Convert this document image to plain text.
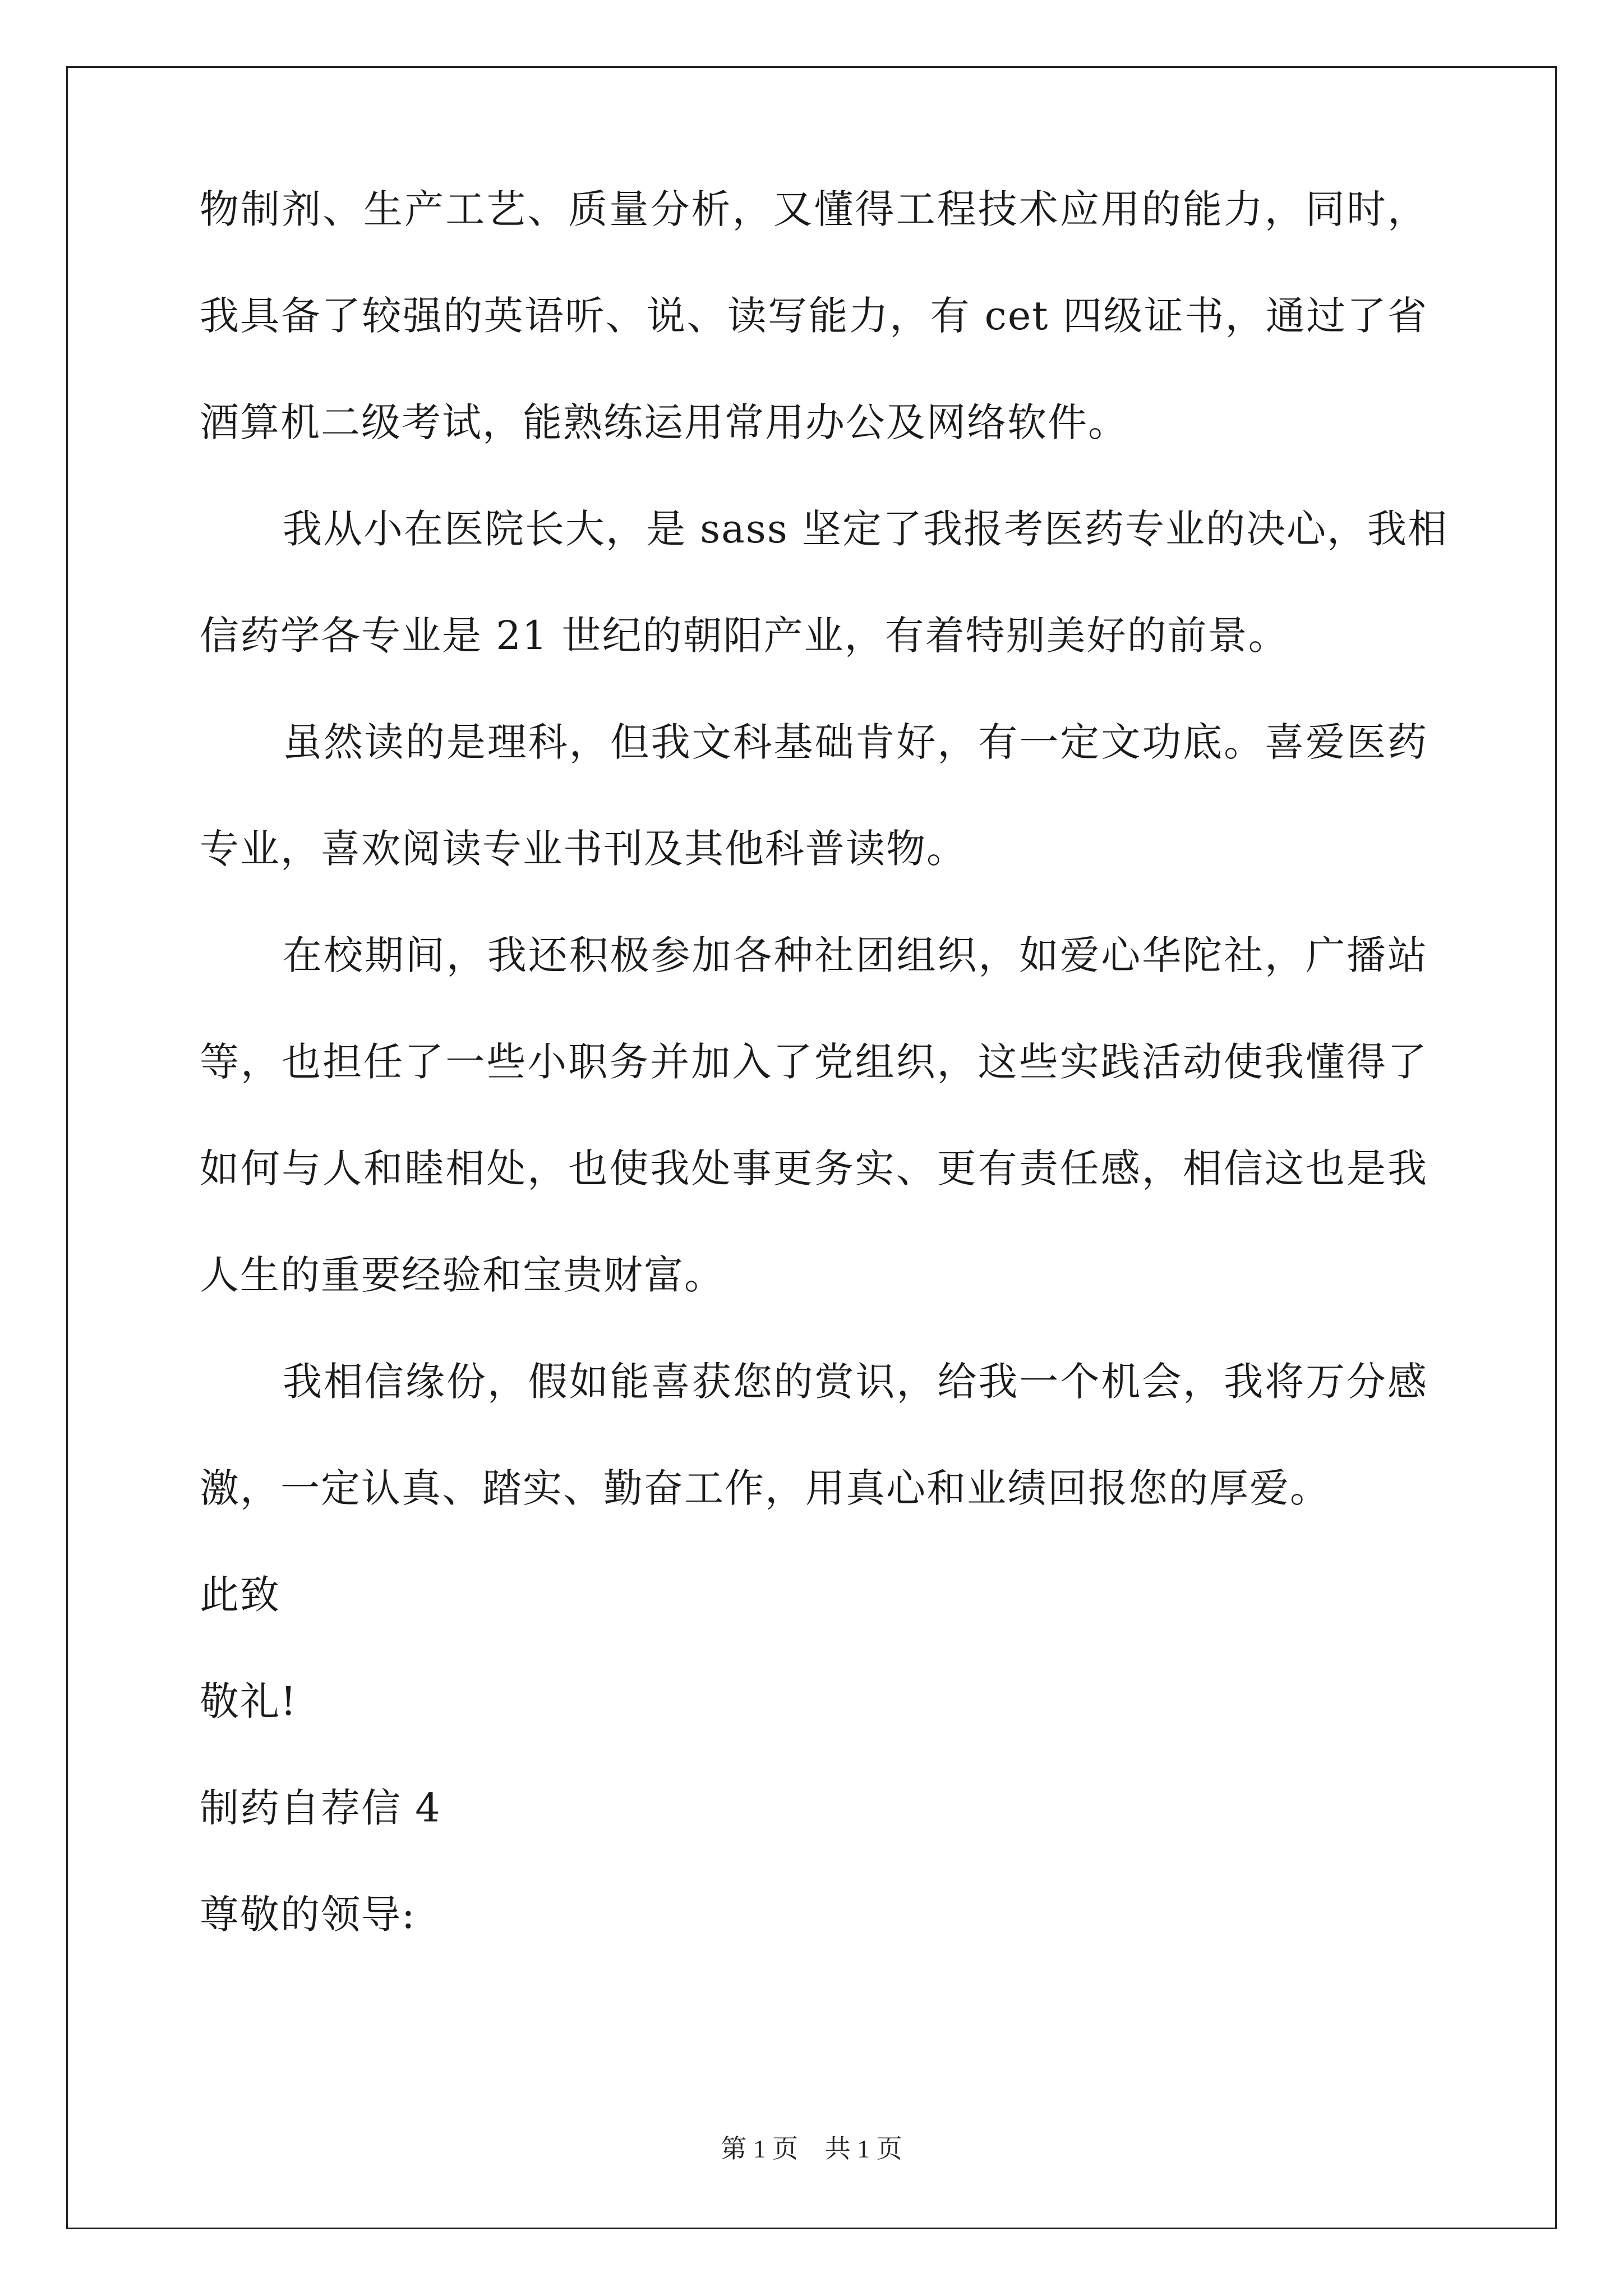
物制剂、生产工艺、质量分析，又懂得工程技术应用的能力，同时，
我具备了较强的英语听、说、读写能力，有 cet 四级证书，通过了省
酒算机二级考试，能熟练运用常用办公及网络软件。
我从小在医院长大，是 sass 坚定了我报考医药专业的决心，我相
信药学各专业是 21 世纪的朝阳产业，有着特别美好的前景。
虽然读的是理科，但我文科基础肯好，有一定文功底。喜爱医药
专业，喜欢阅读专业书刊及其他科普读物。
在校期间，我还积极参加各种社团组织，如爱心华陀社，广播站
等，也担任了一些小职务并加入了党组织，这些实践活动使我懂得了
如何与人和睦相处，也使我处事更务实、更有责任感，相信这也是我
人生的重要经验和宝贵财富。
我相信缘份，假如能喜获您的赏识，给我一个机会，我将万分感
激，一定认真、踏实、勤奋工作，用真心和业绩回报您的厚爱。
此致
敬礼!
制药自荐信 4
尊敬的领导:
第 1 页 共 1 页
